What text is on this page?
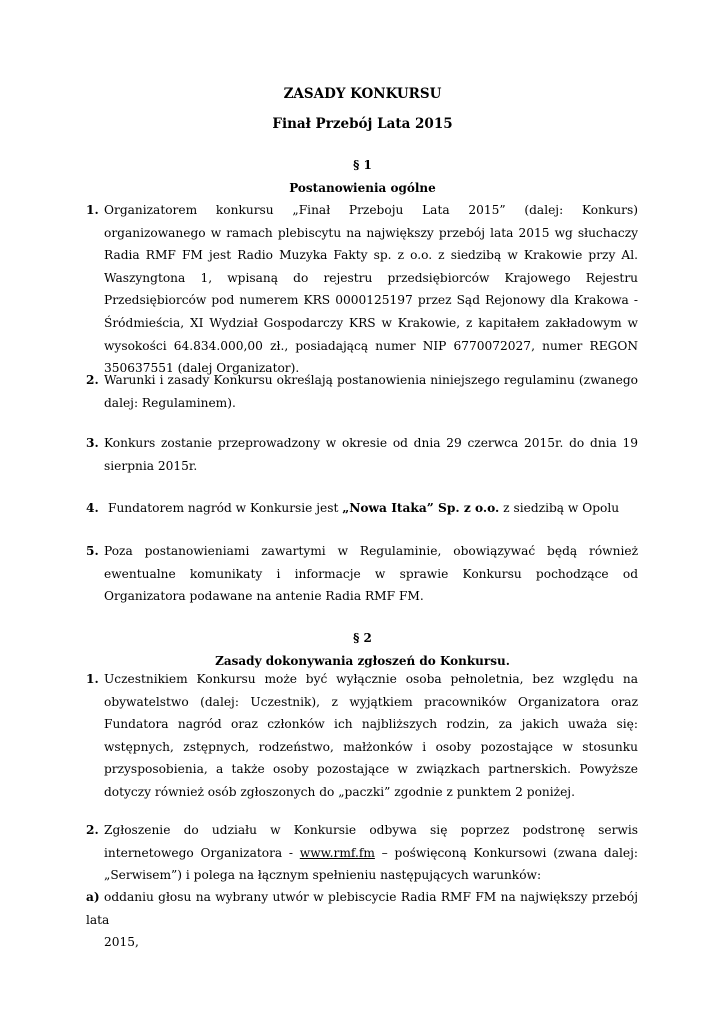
ZASADY KONKURSU
Finał Przebój Lata 2015
§ 1
Postanowienia ogólne
1. Organizatorem konkursu „Finał Przeboju Lata 2015” (dalej: Konkurs) organizowanego w ramach plebiscytu na największy przebój lata 2015 wg słuchaczy Radia RMF FM jest Radio Muzyka Fakty sp. z o.o. z siedzibą w Krakowie przy Al. Waszyngtona 1, wpisaną do rejestru przedsiębiorców Krajowego Rejestru Przedsiębiorców pod numerem KRS 0000125197 przez Sąd Rejonowy dla Krakowa - Śródmieścia, XI Wydział Gospodarczy KRS w Krakowie, z kapitałem zakładowym w wysokości 64.834.000,00 zł., posiadającą numer NIP 6770072027, numer REGON 350637551 (dalej Organizator).
2. Warunki i zasady Konkursu określają postanowienia niniejszego regulaminu (zwanego dalej: Regulaminem).
3. Konkurs zostanie przeprowadzony w okresie od dnia 29 czerwca 2015r. do dnia 19 sierpnia 2015r.
4. Fundatorem nagród w Konkursie jest „Nowa Itaka” Sp. z o.o. z siedzibą w Opolu
5. Poza postanowieniami zawartymi w Regulaminie, obowiązywać będą również ewentualne komunikaty i informacje w sprawie Konkursu pochodzące od Organizatora podawane na antenie Radia RMF FM.
§ 2
Zasady dokonywania zgłoszeń do Konkursu.
1. Uczestnikiem Konkursu może być wyłącznie osoba pełnoletnia, bez względu na obywatelstwo (dalej: Uczestnik), z wyjątkiem pracowników Organizatora oraz Fundatora nagród oraz członków ich najbliższych rodzin, za jakich uważa się: wstępnych, zstępnych, rodzeństwo, małżonków i osoby pozostające w stosunku przysposobienia, a także osoby pozostające w związkach partnerskich. Powyższe dotyczy również osób zgłoszonych do „paczki” zgodnie z punktem 2 poniżej.
2. Zgłoszenie do udziału w Konkursie odbywa się poprzez podstronę serwis internetowego Organizatora - www.rmf.fm – poświęconą Konkursowi (zwana dalej: „Serwisem”) i polega na łącznym spełnieniu następujących warunków:
a) oddaniu głosu na wybrany utwór w plebiscycie Radia RMF FM na największy przebój lata
2015,
